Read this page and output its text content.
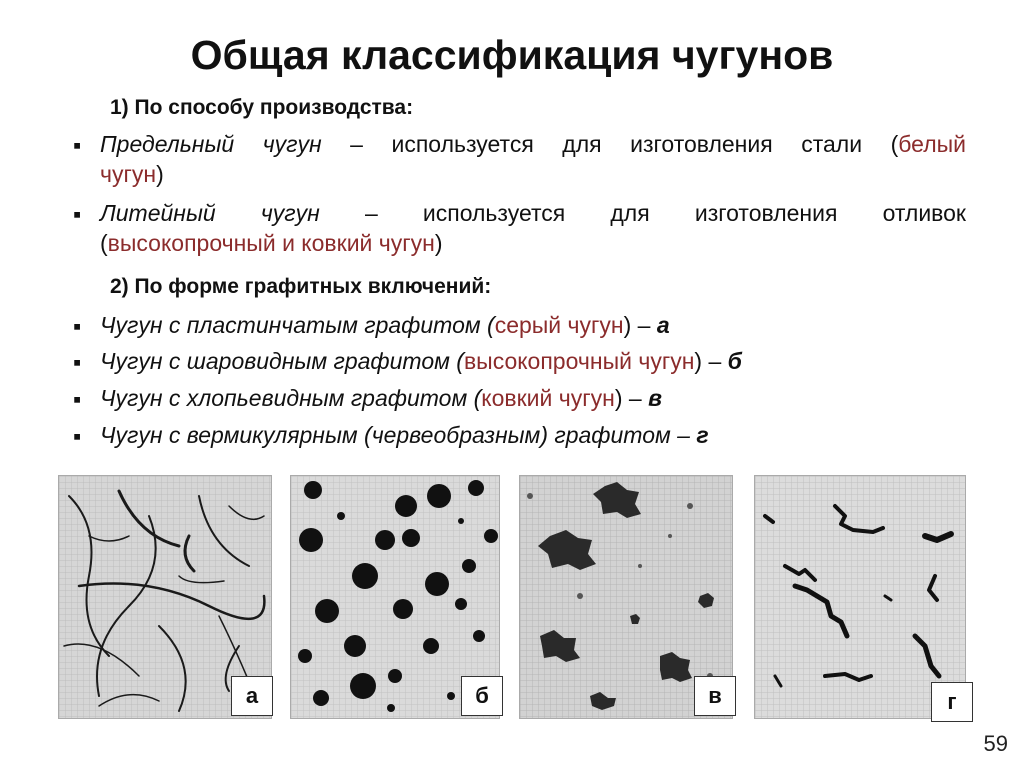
Общая классификация чугунов
1) По способу производства:
▪ Предельный чугун – используется для изготовления стали (белый
чугун)
▪ Литейный чугун – используется для изготовления отливок
(высокопрочный и ковкий чугун)
2) По форме графитных включений:
▪ Чугун с пластинчатым графитом (серый чугун) – а
▪ Чугун с шаровидным графитом (высокопрочный чугун) – б
▪ Чугун с хлопьевидным графитом (ковкий чугун) – в
▪ Чугун с вермикулярным (червеобразным) графитом – г
а	б	в	г
59
